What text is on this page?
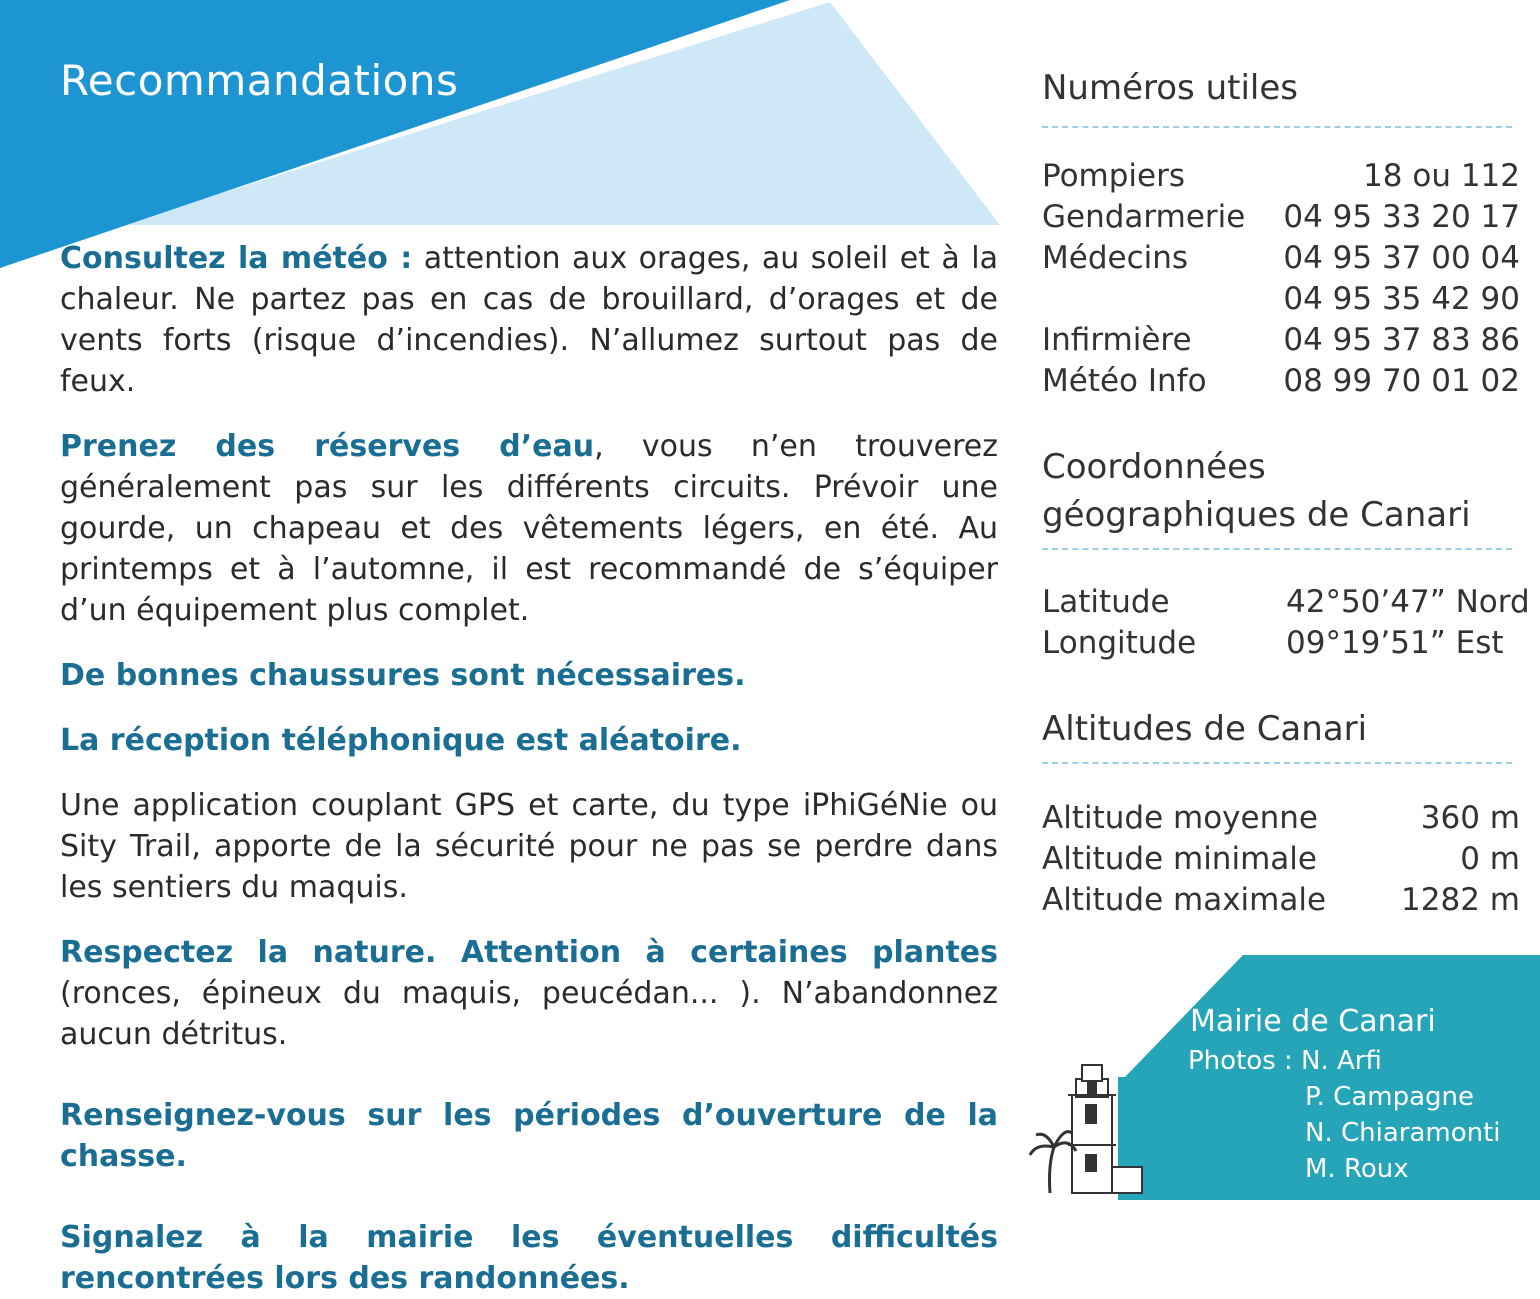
Recommandations

Consultez la météo : attention aux orages, au soleil et à la chaleur. Ne partez pas en cas de brouillard, d’orages et de vents forts (risque d’incendies). N’allumez surtout pas de feux.

Prenez des réserves d’eau, vous n’en trouverez généralement pas sur les différents circuits. Prévoir une gourde, un chapeau et des vêtements légers, en été. Au printemps et à l’automne, il est recommandé de s’équiper d’un équipement plus complet.

De bonnes chaussures sont nécessaires.

La réception téléphonique est aléatoire.

Une application couplant GPS et carte, du type iPhiGéNie ou Sity Trail, apporte de la sécurité pour ne pas se perdre dans les sentiers du maquis.

Respectez la nature. Attention à certaines plantes (ronces, épineux du maquis, peucédan... ). N’abandonnez aucun détritus.

Renseignez-vous sur les périodes d’ouverture de la chasse.

Signalez à la mairie les éventuelles difficultés rencontrées lors des randonnées.

Numéros utiles
Pompiers	18 ou 112
Gendarmerie 04 95 33 20 17
Médecins	04 95 37 00 04
04 95 35 42 90
Infirmière	04 95 37 83 86
Météo Info 08 99 70 01 02
Coordonnées
géographiques de Canari
Latitude	42°50’47” Nord
Longitude	09°19’51” Est
Altitudes de Canari
Altitude moyenne	360 m
Altitude minimale	0 m
Altitude maximale 1282 m
Mairie de Canari
Photos : N. Arfi
P. Campagne
N. Chiaramonti
M. Roux
